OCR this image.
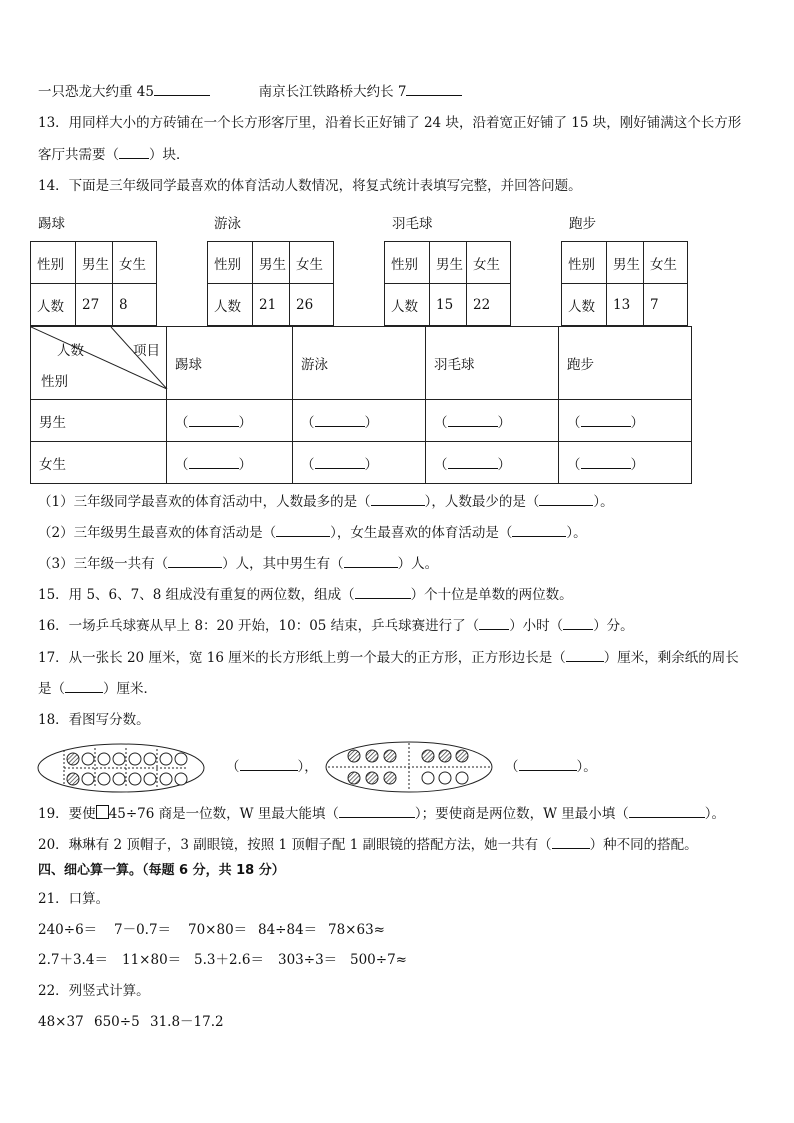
一只恐龙大约重 45	南京长江铁路桥大约长 7
13．用同样大小的方砖铺在一个长方形客厅里，沿着长正好铺了 24 块，沿着宽正好铺了 15 块，刚好铺满这个长方形
客厅共需要（ ）块．
14．下面是三年级同学最喜欢的体育活动人数情况，将复式统计表填写完整，并回答问题。
踢球	游泳	羽毛球	跑步
性别	男生	女生
人数	27	8
性别	男生	女生
人数	21	26
性别	男生	女生
人数	15	22
性别	男生	女生
人数	13	7
人数 项目
性别	踢球	游泳	羽毛球	跑步
男生	（ ）	（ ）	（ ）	（ ）
女生	（ ）	（ ）	（ ）	（ ）
（1）三年级同学最喜欢的体育活动中，人数最多的是（	），人数最少的是（	）。
（2）三年级男生最喜欢的体育活动是（	），女生最喜欢的体育活动是（	）。
（3）三年级一共有（	）人，其中男生有（	）人。
15．用 5、6、7、8 组成没有重复的两位数，组成（	）个十位是单数的两位数。
16．一场乒乓球赛从早上 8：20 开始，10：05 结束，乒乓球赛进行了（ ）小时（ ）分。
17．从一张长 20 厘米，宽 16 厘米的长方形纸上剪一个最大的正方形，正方形边长是（	）厘米，剩余纸的周长
是（	）厘米．
18．看图写分数。
（	），	（	）。
19．要使 45÷76 商是一位数，W 里最大能填（	）；要使商是两位数，W 里最小填（	）。
20．琳琳有 2 顶帽子，3 副眼镜，按照 1 顶帽子配 1 副眼镜的搭配方法，她一共有（	）种不同的搭配。
四、细心算一算。（每题 6 分，共 18 分）
21．口算。
240÷6＝ 7－0.7＝ 70×80＝ 84÷84＝ 78×63≈
2.7＋3.4＝ 11×80＝ 5.3＋2.6＝ 303÷3＝ 500÷7≈
22．列竖式计算。
48×37 650÷5 31.8－17.2
